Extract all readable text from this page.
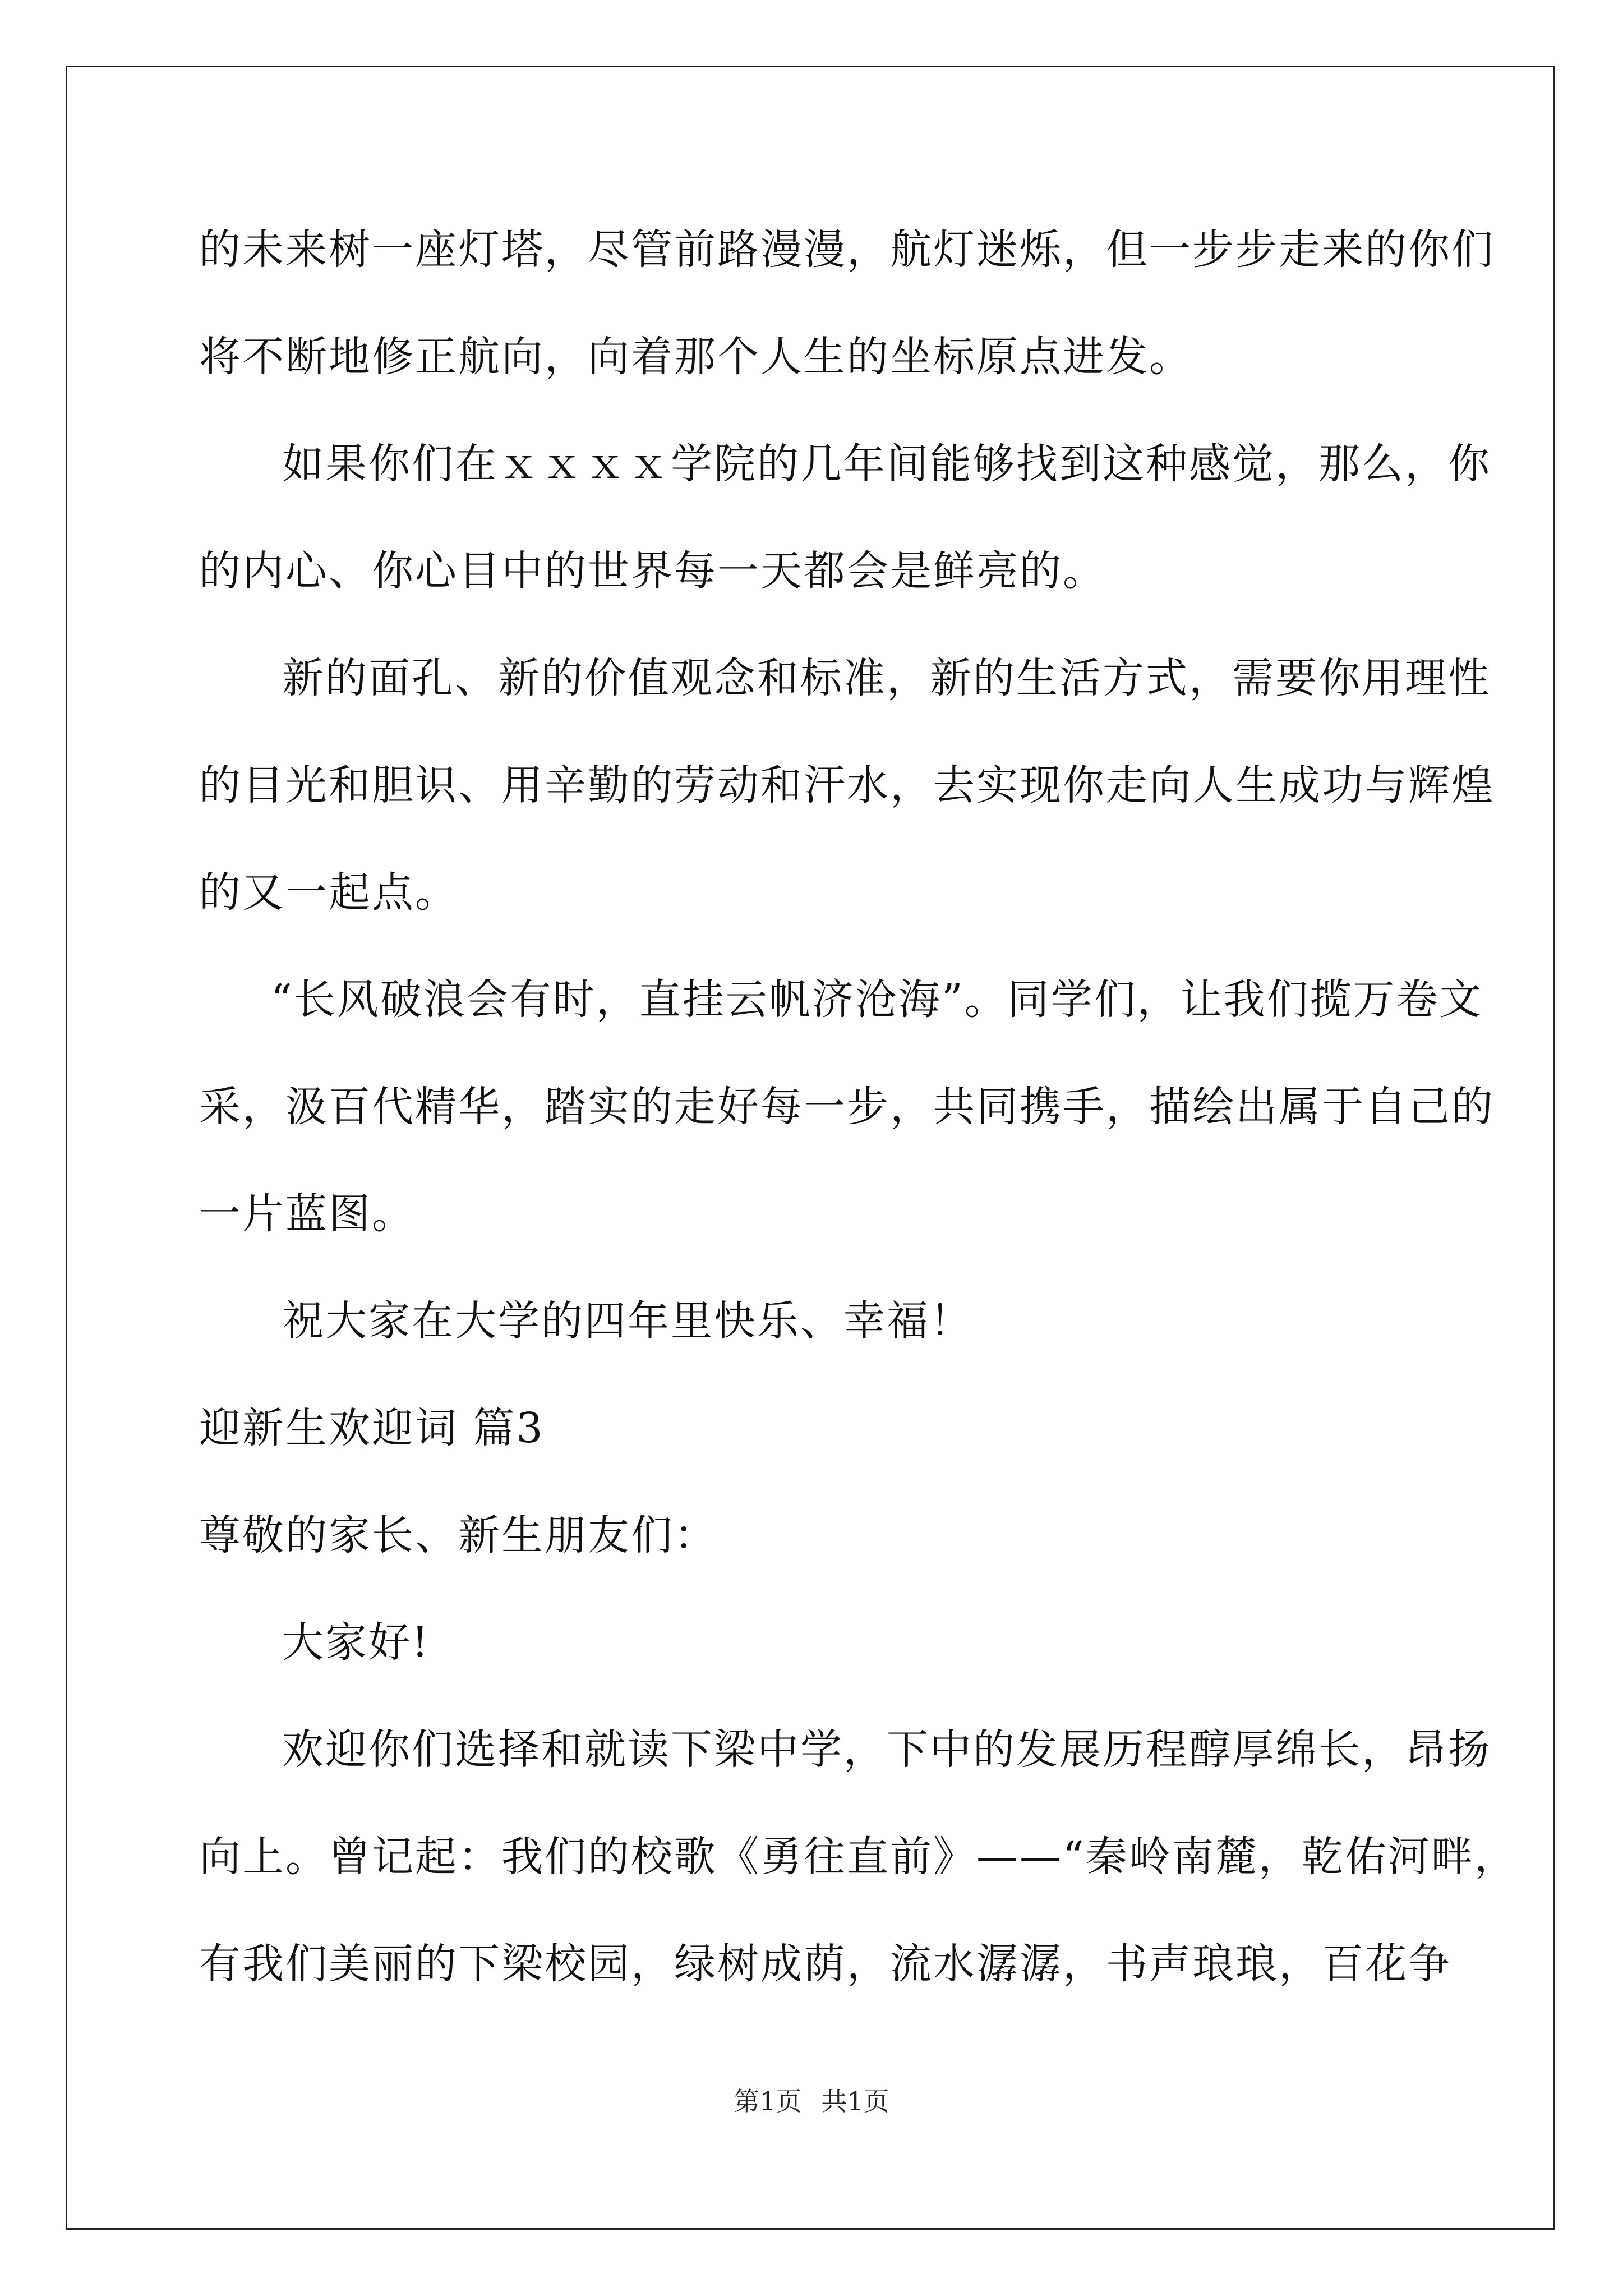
的未来树一座灯塔，尽管前路漫漫，航灯迷烁，但一步步走来的你们
将不断地修正航向，向着那个人生的坐标原点进发。
如果你们在ｘｘｘｘ学院的几年间能够找到这种感觉，那么，你
的内心、你心目中的世界每一天都会是鲜亮的。
新的面孔、新的价值观念和标准，新的生活方式，需要你用理性
的目光和胆识、用辛勤的劳动和汗水，去实现你走向人生成功与辉煌
的又一起点。
“长风破浪会有时，直挂云帆济沧海”。同学们，让我们揽万卷文
采，汲百代精华，踏实的走好每一步，共同携手，描绘出属于自己的
一片蓝图。
祝大家在大学的四年里快乐、幸福！
迎新生欢迎词 篇3
尊敬的家长、新生朋友们：
大家好!
欢迎你们选择和就读下梁中学，下中的发展历程醇厚绵长，昂扬
向上。曾记起：我们的校歌《勇往直前》——“秦岭南麓，乾佑河畔，
有我们美丽的下梁校园，绿树成荫，流水潺潺，书声琅琅，百花争
第1页 共1页
